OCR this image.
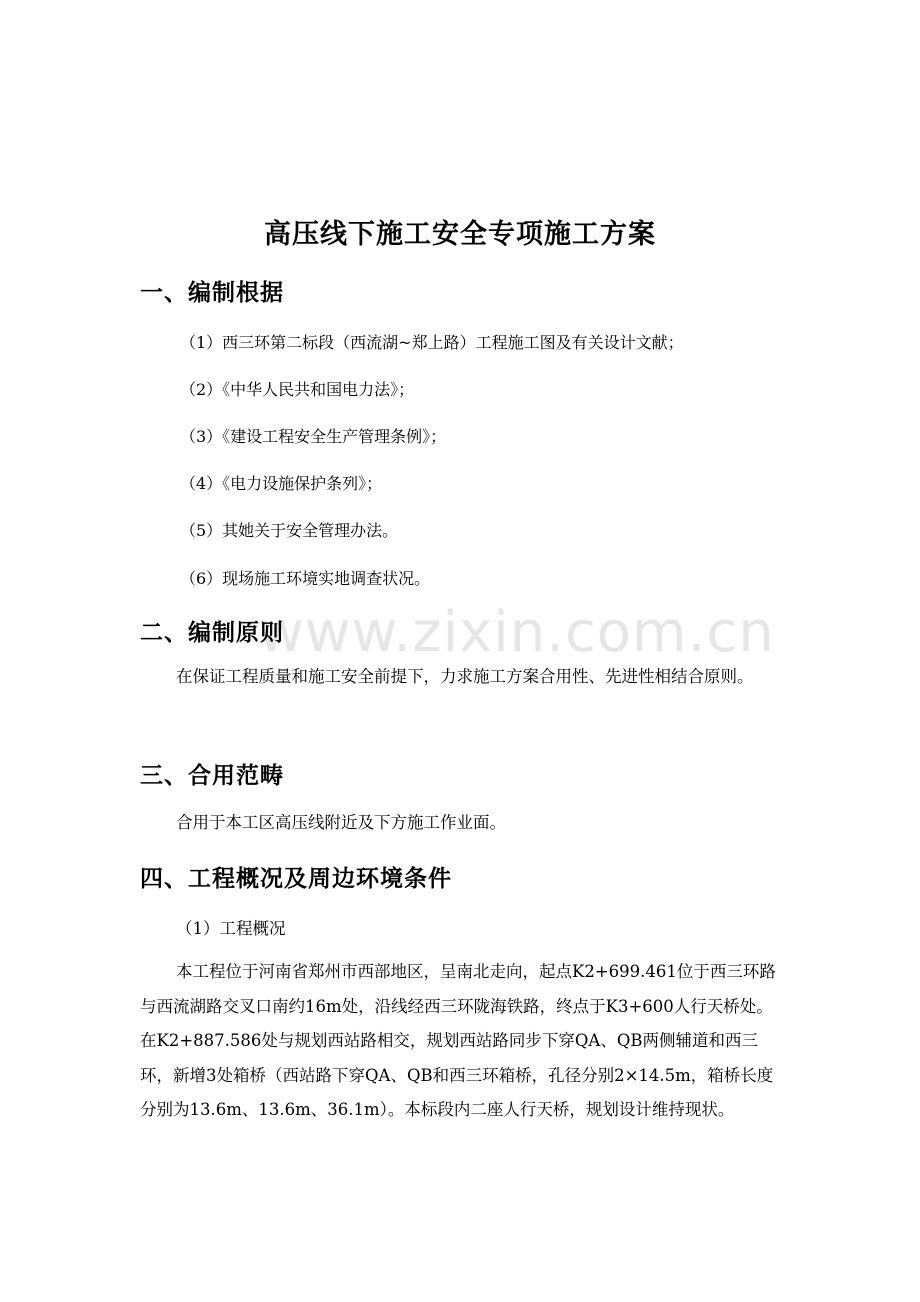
www.zixin.com.cn
高压线下施工安全专项施工方案
一、编制根据
（1）西三环第二标段（西流湖~郑上路）工程施工图及有关设计文献；
（2）《中华人民共和国电力法》；
（3）《建设工程安全生产管理条例》；
（4）《电力设施保护条列》；
（5）其她关于安全管理办法。
（6）现场施工环境实地调查状况。
二、编制原则

在保证工程质量和施工安全前提下，力求施工方案合用性、先进性相结合原则。

三、合用范畴

合用于本工区高压线附近及下方施工作业面。

四、工程概况及周边环境条件
（1）工程概况

本工程位于河南省郑州市西部地区，呈南北走向，起点K2+699.461位于西三环路与西流湖路交叉口南约16m处，沿线经西三环陇海铁路，终点于K3+600人行天桥处。在K2+887.586处与规划西站路相交，规划西站路同步下穿QA、QB两侧辅道和西三环，新增3处箱桥（西站路下穿QA、QB和西三环箱桥，孔径分别2×14.5m，箱桥长度分别为13.6m、13.6m、36.1m）。本标段内二座人行天桥，规划设计维持现状。
